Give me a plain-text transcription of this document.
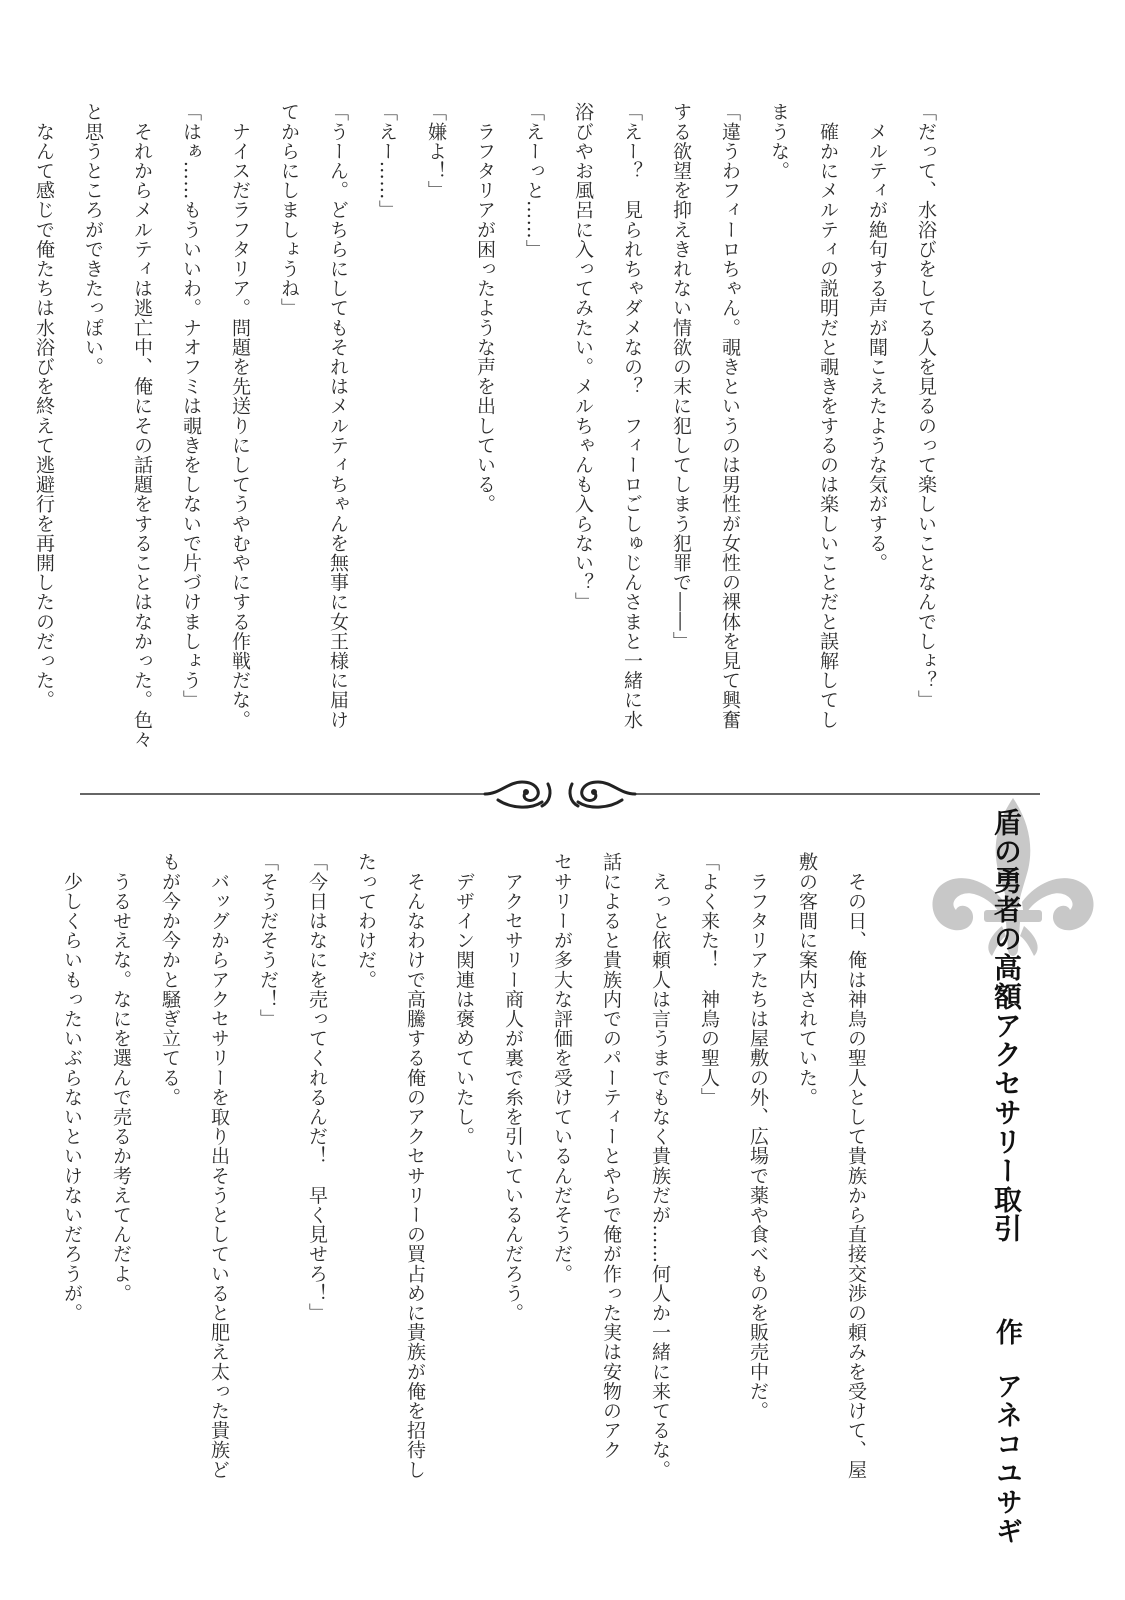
「だって、水浴びをしてる人を見るのって楽しいことなんでしょ？」
　メルティが絶句する声が聞こえたような気がする。
　確かにメルティの説明だと覗きをするのは楽しいことだと誤解してし
まうな。
「違うわフィーロちゃん。覗きというのは男性が女性の裸体を見て興奮
する欲望を抑えきれない情欲の末に犯してしまう犯罪で――」
「えー？　見られちゃダメなの？　フィーロごしゅじんさまと一緒に水
浴びやお風呂に入ってみたい。メルちゃんも入らない？」
「えーっと……」
　ラフタリアが困ったような声を出している。
「嫌よ！」
「えー……」
「うーん。どちらにしてもそれはメルティちゃんを無事に女王様に届け
てからにしましょうね」
　ナイスだラフタリア。問題を先送りにしてうやむやにする作戦だな。
「はぁ……もういいわ。ナオフミは覗きをしないで片づけましょう」
　それからメルティは逃亡中、俺にその話題をすることはなかった。色々
と思うところができたっぽい。
　なんて感じで俺たちは水浴びを終えて逃避行を再開したのだった。
盾の勇者の高額アクセサリー取引
作
アネコユサギ
　その日、俺は神鳥の聖人として貴族から直接交渉の頼みを受けて、屋
敷の客間に案内されていた。
　ラフタリアたちは屋敷の外、広場で薬や食べものを販売中だ。
「よく来た！　神鳥の聖人」
　えっと依頼人は言うまでもなく貴族だが……何人か一緒に来てるな。
話によると貴族内でのパーティーとやらで俺が作った実は安物のアク
セサリーが多大な評価を受けているんだそうだ。
　アクセサリー商人が裏で糸を引いているんだろう。
　デザイン関連は褒めていたし。
　そんなわけで高騰する俺のアクセサリーの買占めに貴族が俺を招待し
たってわけだ。
「今日はなにを売ってくれるんだ！　早く見せろ！」
「そうだそうだ！」
　バッグからアクセサリーを取り出そうとしていると肥え太った貴族ど
もが今か今かと騒ぎ立てる。
　うるせえな。なにを選んで売るか考えてんだよ。
　少しくらいもったいぶらないといけないだろうが。
